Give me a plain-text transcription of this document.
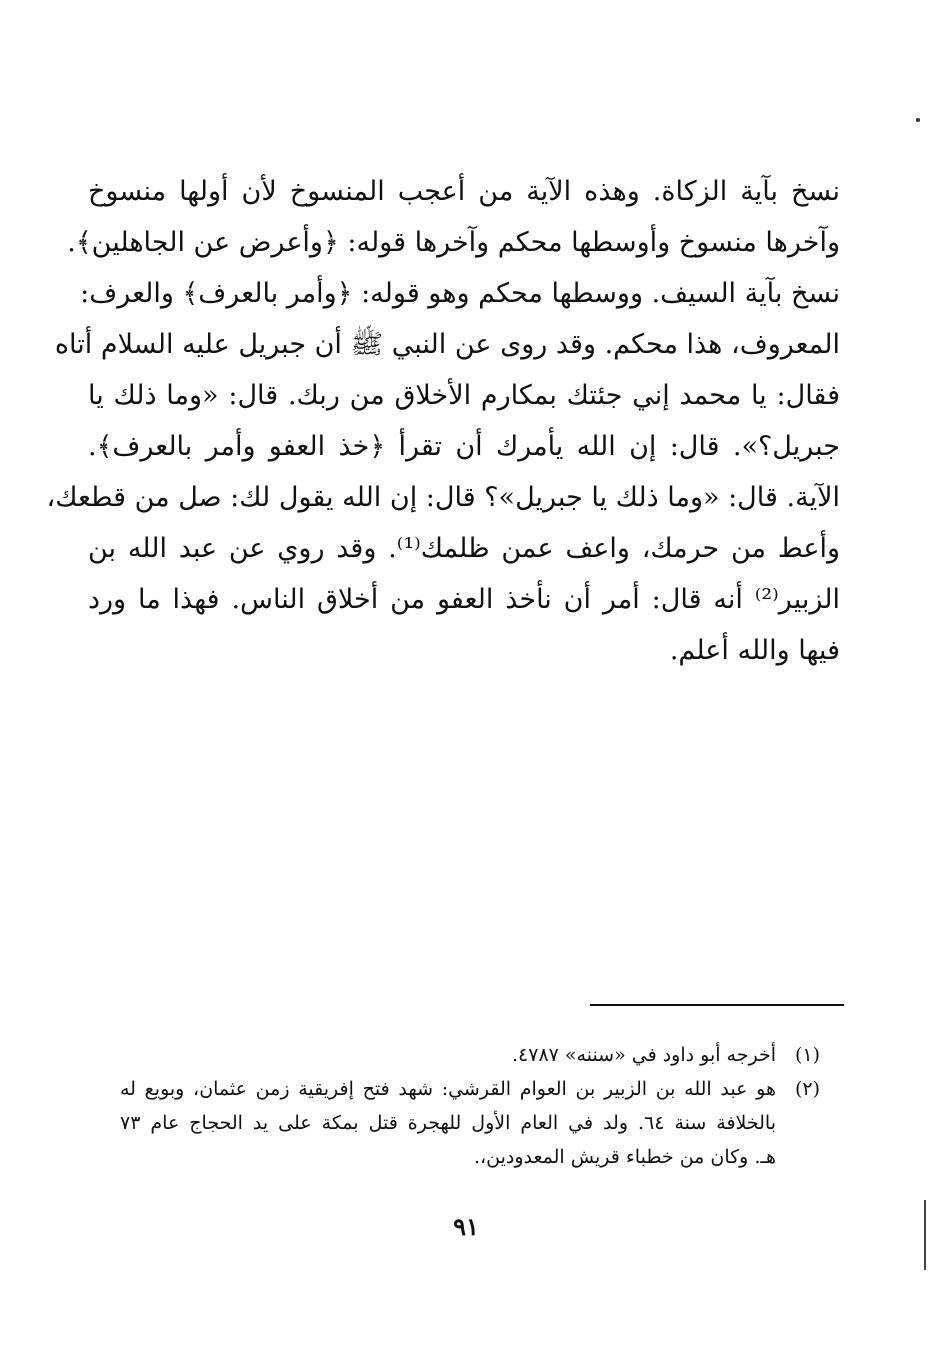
نسخ بآية الزكاة. وهذه الآية من أعجب المنسوخ لأن أولها منسوخ
وآخرها منسوخ وأوسطها محكم وآخرها قوله: ﴿وأعرض عن الجاهلين﴾.
نسخ بآية السيف. ووسطها محكم وهو قوله: ﴿وأمر بالعرف﴾ والعرف:
المعروف، هذا محكم. وقد روى عن النبي ﷺ أن جبريل عليه السلام أتاه
فقال: يا محمد إني جئتك بمكارم الأخلاق من ربك. قال: «وما ذلك يا
جبريل؟». قال: إن الله يأمرك أن تقرأ ﴿خذ العفو وأمر بالعرف﴾.
الآية. قال: «وما ذلك يا جبريل»؟ قال: إن الله يقول لك: صل من قطعك،
وأعط من حرمك، واعف عمن ظلمك⁽¹⁾. وقد روي عن عبد الله بن
الزبير⁽²⁾ أنه قال: أمر أن نأخذ العفو من أخلاق الناس. فهذا ما ورد
فيها والله أعلم.
(١)
أخرجه أبو داود في «سننه» ٤٧٨٧.
(٢)
هو عبد الله بن الزبير بن العوام القرشي: شهد فتح إفريقية زمن عثمان، وبويع له
بالخلافة سنة ٦٤. ولد في العام الأول للهجرة قتل بمكة على يد الحجاج عام ٧٣
هـ. وكان من خطباء قريش المعدودين،.
٩١
